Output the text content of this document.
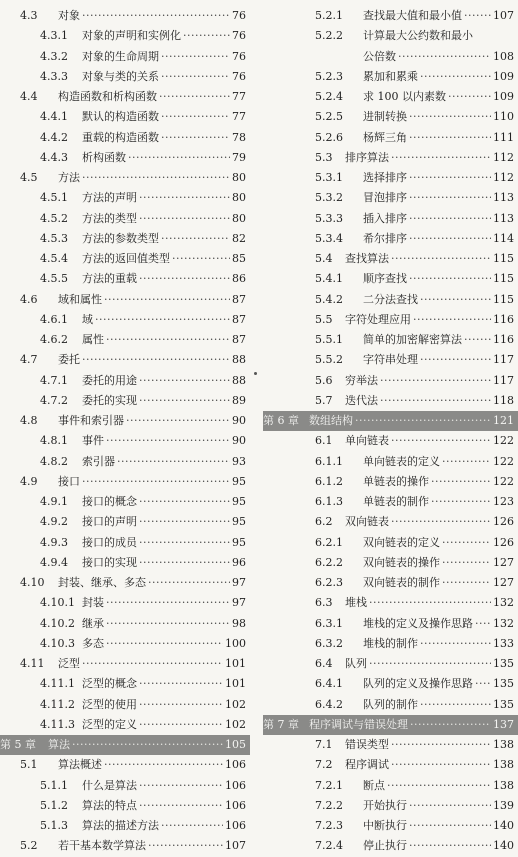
4.3 对象	76
·····
4.3.1 对象的声明和实例化	76
·····
4.3.2 对象的生命周期	76
·····
4.3.3 对象与类的关系	76
·····
4.4 构造函数和析构函数	77
·····
4.4.1 默认的构造函数	77
·····
4.4.2 重载的构造函数	78
·····
4.4.3 析构函数	79
·····
4.5 方法	80
·····
4.5.1 方法的声明	80
·····
4.5.2 方法的类型	80
·····
4.5.3 方法的参数类型	82
·····
4.5.4 方法的返回值类型	85
·····
4.5.5 方法的重载	86
·····
4.6 域和属性	87
·····
4.6.1 域	87
·····
4.6.2 属性	87
·····
4.7 委托	88
·····
4.7.1 委托的用途	88
·····
4.7.2 委托的实现	89
·····
4.8 事件和索引器	90
·····
4.8.1 事件	90
·····
4.8.2 索引器	93
·····
4.9 接口	95
·····
4.9.1 接口的概念	95
·····
4.9.2 接口的声明	95
·····
4.9.3 接口的成员	95
·····
4.9.4 接口的实现	96
·····
4.10 封装、继承、多态	97
·····
4.10.1 封装	97
·····
4.10.2 继承	98
·····
4.10.3 多态	100
·····
4.11 泛型	101
·····
4.11.1 泛型的概念	101
·····
4.11.2 泛型的使用	102
·····
4.11.3 泛型的定义	102
·····
第 5 章 算法	105
·····
5.1 算法概述	106
·····
5.1.1 什么是算法	106
·····
5.1.2 算法的特点	106
·····
5.1.3 算法的描述方法	106
·····
5.2 若干基本数学算法	107
·····
5.2.1 查找最大值和最小值	107
·····
5.2.2 计算最大公约数和最小
公倍数	108
·····
5.2.3 累加和累乘	109
·····
5.2.4 求 100 以内素数	109
·····
5.2.5 进制转换	110
·····
5.2.6 杨辉三角	111
·····
5.3 排序算法	112
·····
5.3.1 选择排序	112
·····
5.3.2 冒泡排序	113
·····
5.3.3 插入排序	113
·····
5.3.4 希尔排序	114
·····
5.4 查找算法	115
·····
5.4.1 顺序查找	115
·····
5.4.2 二分法查找	115
·····
5.5 字符处理应用	116
·····
5.5.1 简单的加密解密算法	116
·····
5.5.2 字符串处理	117
·····
5.6 穷举法	117
·····
5.7 迭代法	118
·····
第 6 章 数组结构	121
·····
6.1 单向链表	122
·····
6.1.1 单向链表的定义	122
·····
6.1.2 单链表的操作	122
·····
6.1.3 单链表的制作	123
·····
6.2 双向链表	126
·····
6.2.1 双向链表的定义	126
·····
6.2.2 双向链表的操作	127
·····
6.2.3 双向链表的制作	127
·····
6.3 堆栈	132
·····
6.3.1 堆栈的定义及操作思路 132
·····
6.3.2 堆栈的制作	133
·····
6.4 队列	135
·····
6.4.1 队列的定义及操作思路 135
·····
6.4.2 队列的制作	135
·····
第 7 章 程序调试与错误处理	137
·····
7.1 错误类型	138
·····
7.2 程序调试	138
·····
7.2.1 断点	138
·····
7.2.2 开始执行	139
·····
7.2.3 中断执行	140
·····
7.2.4 停止执行	140
·····
